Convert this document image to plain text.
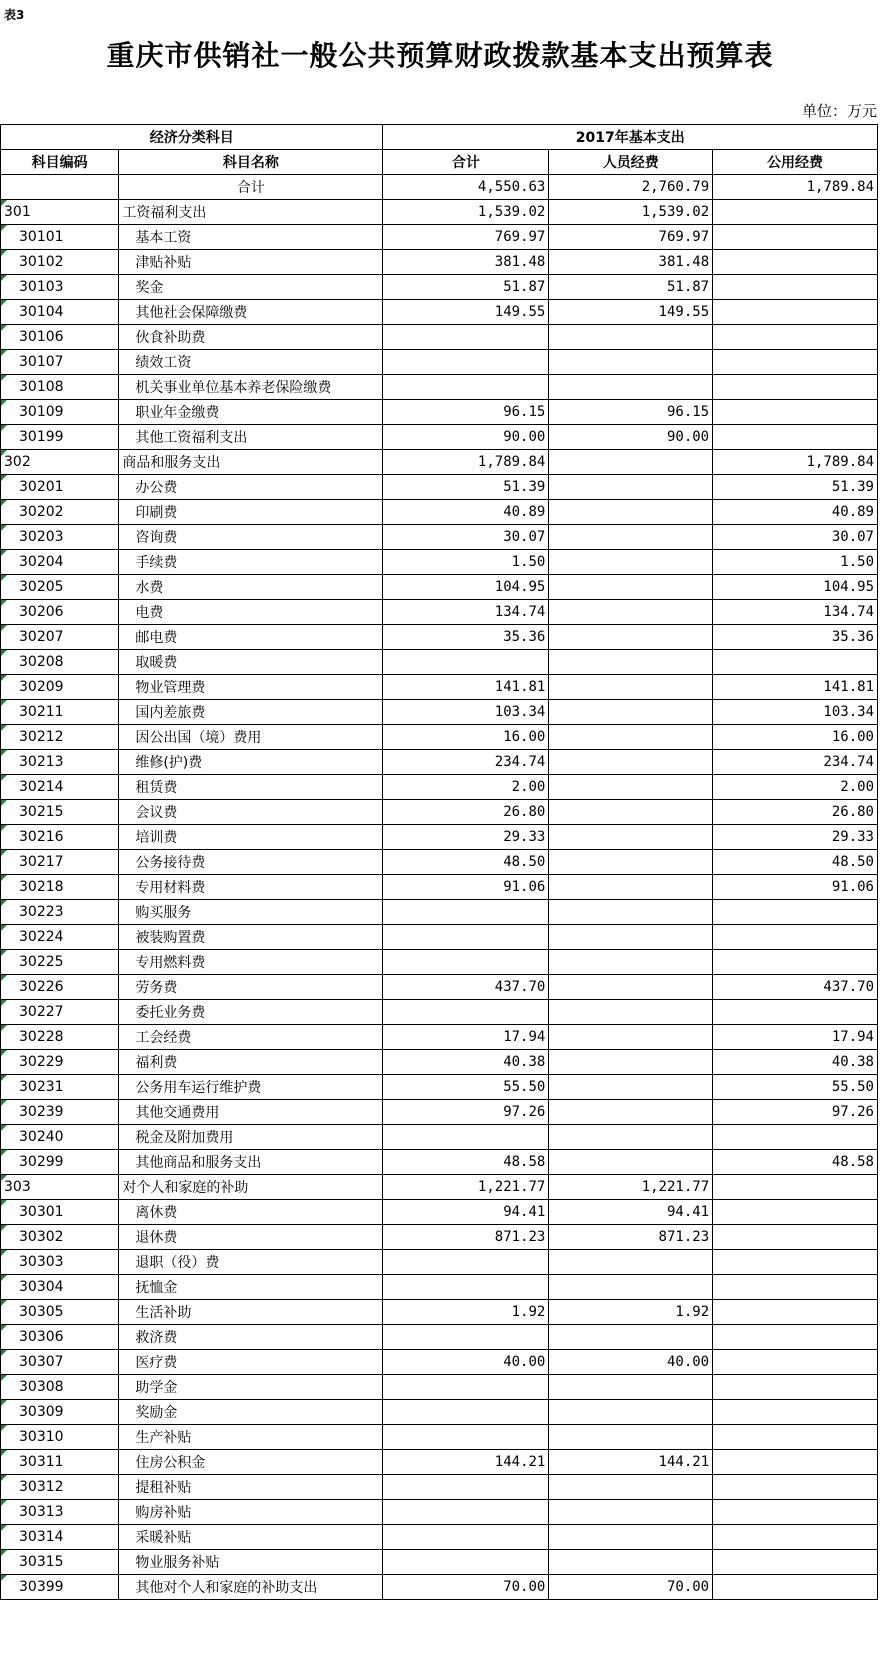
表3
重庆市供销社一般公共预算财政拨款基本支出预算表
单位：万元
经济分类科目		2017年基本支出		
科目编码	科目名称	合计	人员经费	公用经费
	合计	4,550.63	2,760.79	1,789.84
301	工资福利支出	1,539.02	1,539.02	
30101	基本工资	769.97	769.97	
30102	津贴补贴	381.48	381.48	
30103	奖金	51.87	51.87	
30104	其他社会保障缴费	149.55	149.55	
30106	伙食补助费			
30107	绩效工资			
30108	机关事业单位基本养老保险缴费			
30109	职业年金缴费	96.15	96.15	
30199	其他工资福利支出	90.00	90.00	
302	商品和服务支出	1,789.84		1,789.84
30201	办公费	51.39		51.39
30202	印刷费	40.89		40.89
30203	咨询费	30.07		30.07
30204	手续费	1.50		1.50
30205	水费	104.95		104.95
30206	电费	134.74		134.74
30207	邮电费	35.36		35.36
30208	取暖费			
30209	物业管理费	141.81		141.81
30211	国内差旅费	103.34		103.34
30212	因公出国（境）费用	16.00		16.00
30213	维修(护)费	234.74		234.74
30214	租赁费	2.00		2.00
30215	会议费	26.80		26.80
30216	培训费	29.33		29.33
30217	公务接待费	48.50		48.50
30218	专用材料费	91.06		91.06
30223	购买服务			
30224	被装购置费			
30225	专用燃料费			
30226	劳务费	437.70		437.70
30227	委托业务费			
30228	工会经费	17.94		17.94
30229	福利费	40.38		40.38
30231	公务用车运行维护费	55.50		55.50
30239	其他交通费用	97.26		97.26
30240	税金及附加费用			
30299	其他商品和服务支出	48.58		48.58
303	对个人和家庭的补助	1,221.77	1,221.77	
30301	离休费	94.41	94.41	
30302	退休费	871.23	871.23	
30303	退职（役）费			
30304	抚恤金			
30305	生活补助	1.92	1.92	
30306	救济费			
30307	医疗费	40.00	40.00	
30308	助学金			
30309	奖励金			
30310	生产补贴			
30311	住房公积金	144.21	144.21	
30312	提租补贴			
30313	购房补贴			
30314	采暖补贴			
30315	物业服务补贴			
30399	其他对个人和家庭的补助支出	70.00	70.00	
